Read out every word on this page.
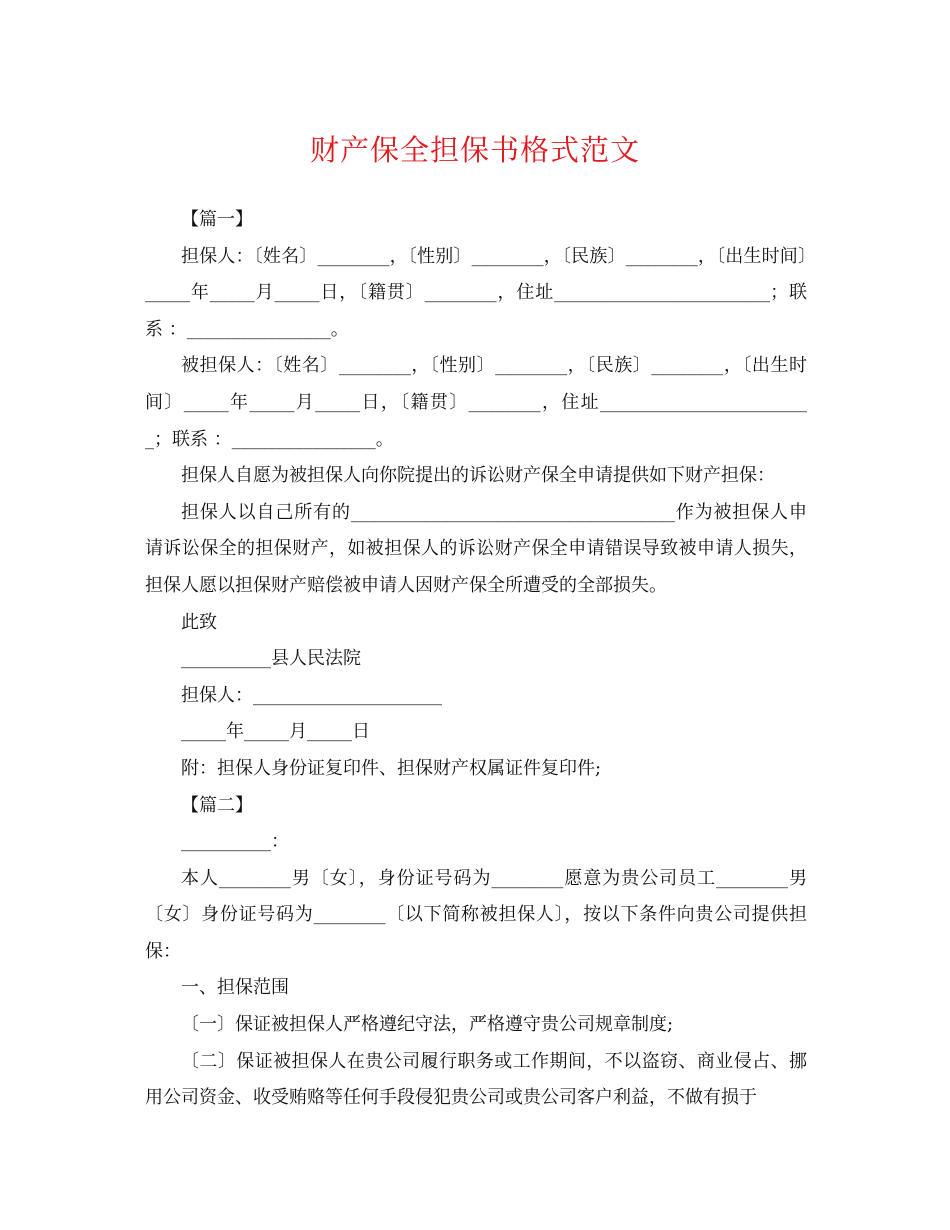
财产保全担保书格式范文

【篇一】

担保人：〔姓名〕________，〔性别〕________，〔民族〕________，〔出生时间〕_____年_____月_____日，〔籍贯〕________，住址________________________；联系 ：________________。

被担保人：〔姓名〕________，〔性别〕________，〔民族〕________，〔出生时间〕_____年_____月_____日，〔籍贯〕________，住址________________________；联系 ：________________。

担保人自愿为被担保人向你院提出的诉讼财产保全申请提供如下财产担保：

担保人以自己所有的____________________________________作为被担保人申请诉讼保全的担保财产，如被担保人的诉讼财产保全申请错误导致被申请人损失，担保人愿以担保财产赔偿被申请人因财产保全所遭受的全部损失。

此致

__________县人民法院

担保人：_____________________

_____年_____月_____日

附：担保人身份证复印件、担保财产权属证件复印件;

【篇二】

__________：

本人________男〔女〕，身份证号码为________愿意为贵公司员工________男〔女〕身份证号码为________〔以下简称被担保人〕，按以下条件向贵公司提供担保：

一、担保范围

〔一〕保证被担保人严格遵纪守法，严格遵守贵公司规章制度;

〔二〕保证被担保人在贵公司履行职务或工作期间，不以盗窃、商业侵占、挪用公司资金、收受贿赂等任何手段侵犯贵公司或贵公司客户利益，不做有损于
